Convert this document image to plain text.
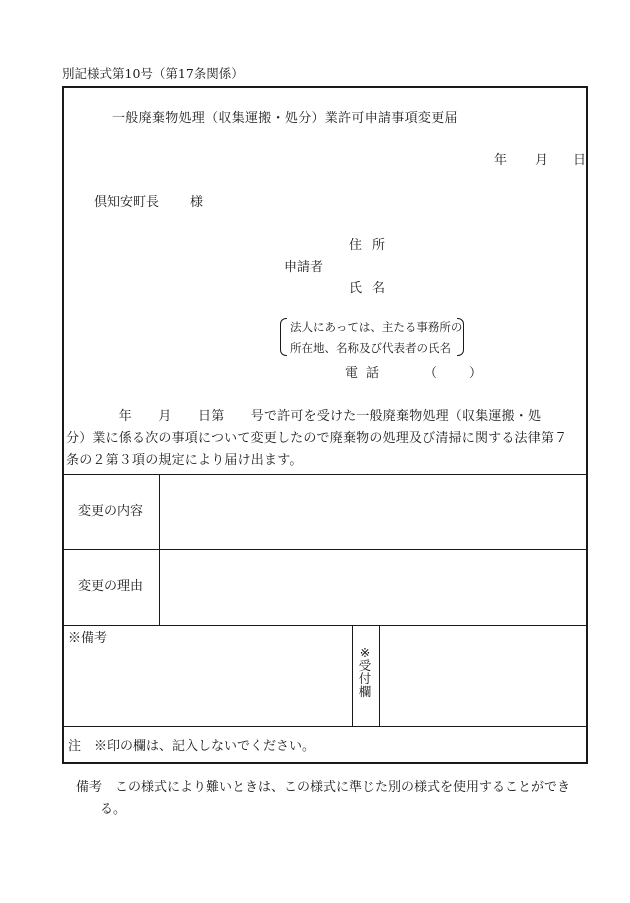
別記様式第10号（第17条関係）
一般廃棄物処理（収集運搬・処分）業許可申請事項変更届
年 月 日
倶知安町長 様
住所
申請者
氏名
法人にあっては、主たる事務所の
所在地、名称及び代表者の氏名
電話	（ ）
　　　　年　　月　　日第　　号で許可を受けた一般廃棄物処理（収集運搬・処
分）業に係る次の事項について変更したので廃棄物の処理及び清掃に関する法律第７
条の２第３項の規定により届け出ます。
変更の内容
変更の理由
※備考
※
受
付
欄
注　※印の欄は、記入しないでください。
備考　この様式により難いときは、この様式に準じた別の様式を使用することができ
る。
